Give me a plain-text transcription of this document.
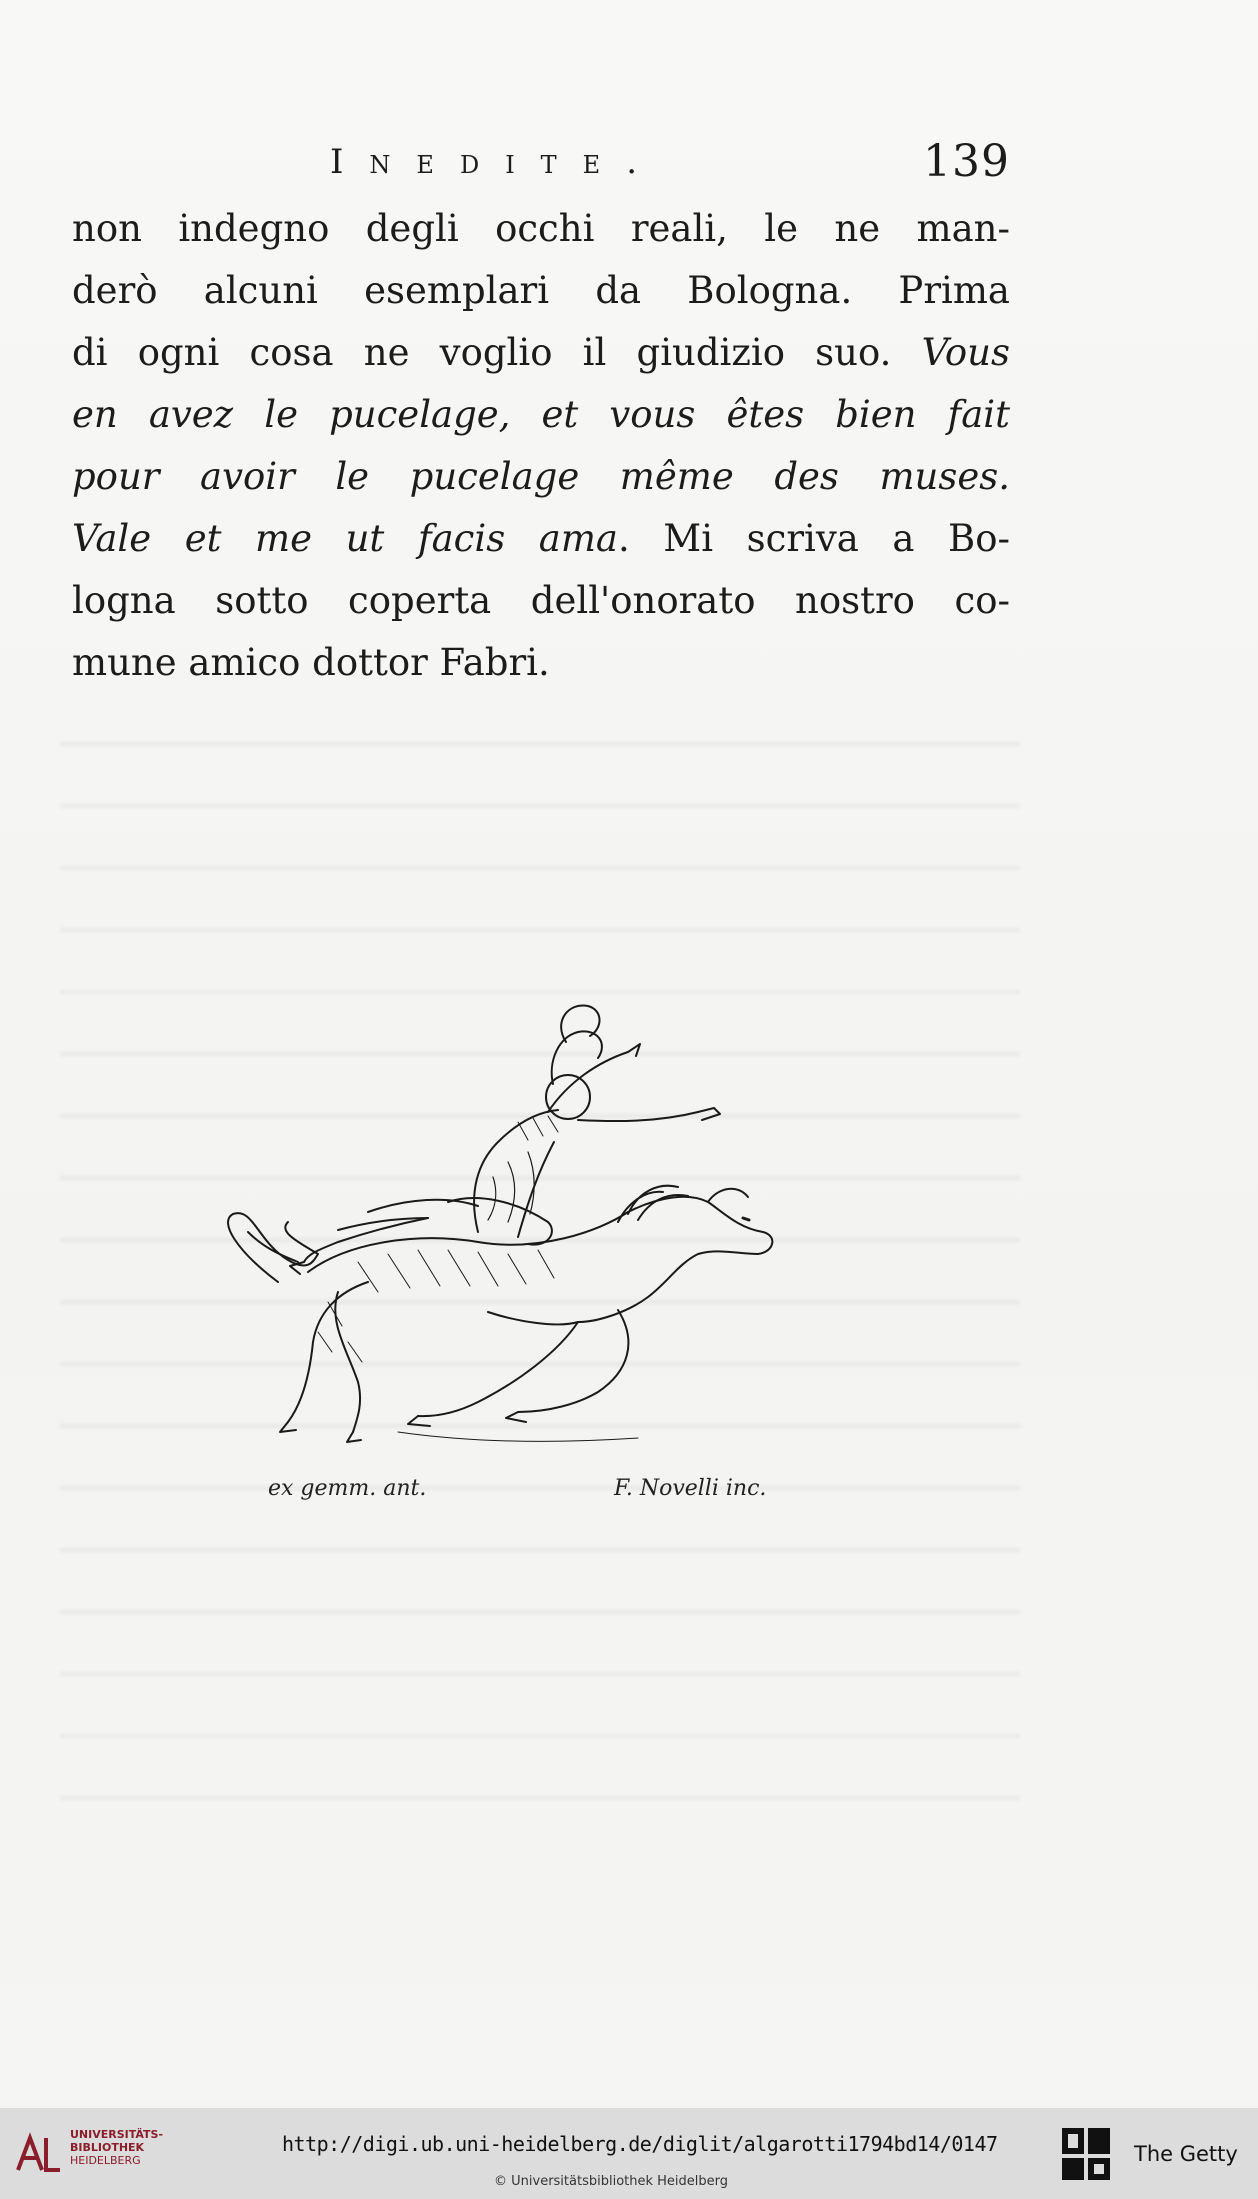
Inedite.	139
non indegno degli occhi reali, le ne man-
derò alcuni esemplari da Bologna. Prima
di ogni cosa ne voglio il giudizio suo. Vous
en avez le pucelage, et vous êtes bien fait
pour avoir le pucelage même des muses.
Vale et me ut facis ama. Mi scriva a Bo-
logna sotto coperta dell'onorato nostro co-
mune amico dottor Fabri.
ex gemm. ant.	F. Novelli inc.
UNIVERSITÄTS-
BIBLIOTHEK
HEIDELBERG
http://digi.ub.uni-heidelberg.de/diglit/algarotti1794bd14/0147
© Universitätsbibliothek Heidelberg
The Getty
